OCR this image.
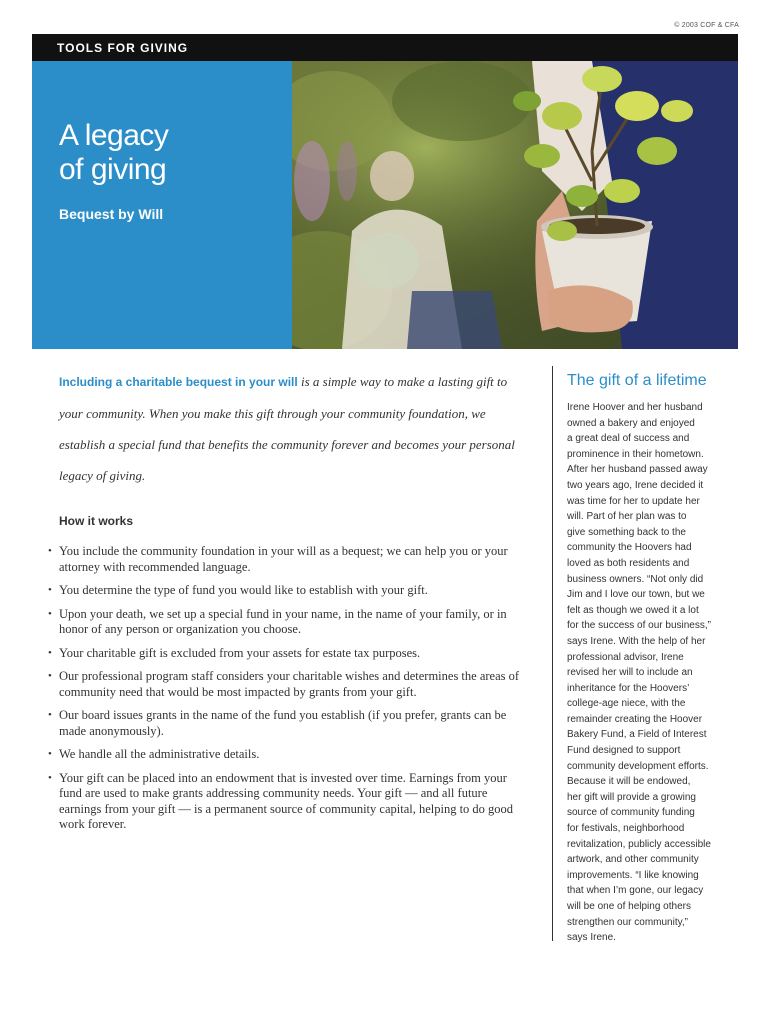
© 2003 COF & CFA
TOOLS FOR GIVING
A legacy
of giving
Bequest by Will
Including a charitable bequest in your will is a simple way to make a lasting gift to your community. When you make this gift through your community foundation, we establish a special fund that benefits the community forever and becomes your personal legacy of giving.
How it works
• You include the community foundation in your will as a bequest; we can help you or your attorney with recommended language.
• You determine the type of fund you would like to establish with your gift.
• Upon your death, we set up a special fund in your name, in the name of your family, or in honor of any person or organization you choose.
• Your charitable gift is excluded from your assets for estate tax purposes.
• Our professional program staff considers your charitable wishes and determines the areas of community need that would be most impacted by grants from your gift.
• Our board issues grants in the name of the fund you establish (if you prefer, grants can be made anonymously).
• We handle all the administrative details.
• Your gift can be placed into an endowment that is invested over time. Earnings from your fund are used to make grants addressing community needs. Your gift — and all future earnings from your gift — is a permanent source of community capital, helping to do good work forever.
The gift of a lifetime
Irene Hoover and her husband
owned a bakery and enjoyed
a great deal of success and
prominence in their hometown.
After her husband passed away
two years ago, Irene decided it
was time for her to update her
will. Part of her plan was to
give something back to the
community the Hoovers had
loved as both residents and
business owners. “Not only did
Jim and I love our town, but we
felt as though we owed it a lot
for the success of our business,”
says Irene. With the help of her
professional advisor, Irene
revised her will to include an
inheritance for the Hoovers’
college-age niece, with the
remainder creating the Hoover
Bakery Fund, a Field of Interest
Fund designed to support
community development efforts.
Because it will be endowed,
her gift will provide a growing
source of community funding
for festivals, neighborhood
revitalization, publicly accessible
artwork, and other community
improvements. “I like knowing
that when I’m gone, our legacy
will be one of helping others
strengthen our community,”
says Irene.
